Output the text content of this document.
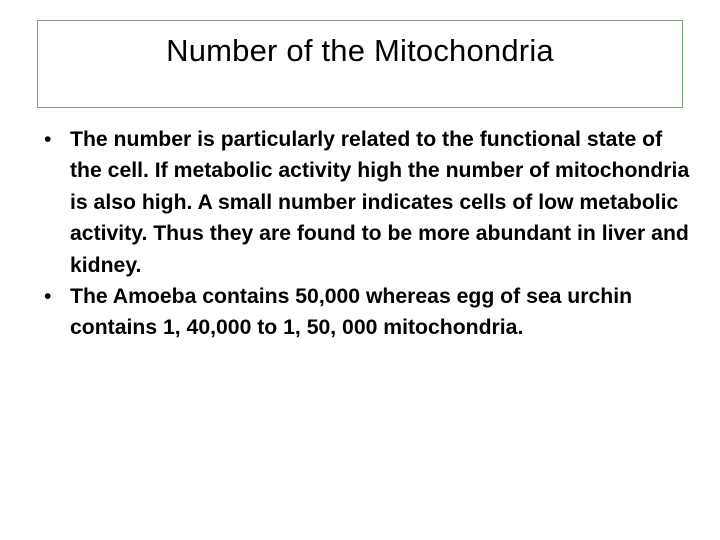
Number of the Mitochondria
• The number is particularly related to the functional state of the cell. If metabolic activity high the number of mitochondria is also high. A small number indicates cells of low metabolic activity. Thus they are found to be more abundant in liver and kidney.
• The Amoeba contains 50,000 whereas egg of sea urchin contains 1, 40,000 to 1, 50, 000 mitochondria.
